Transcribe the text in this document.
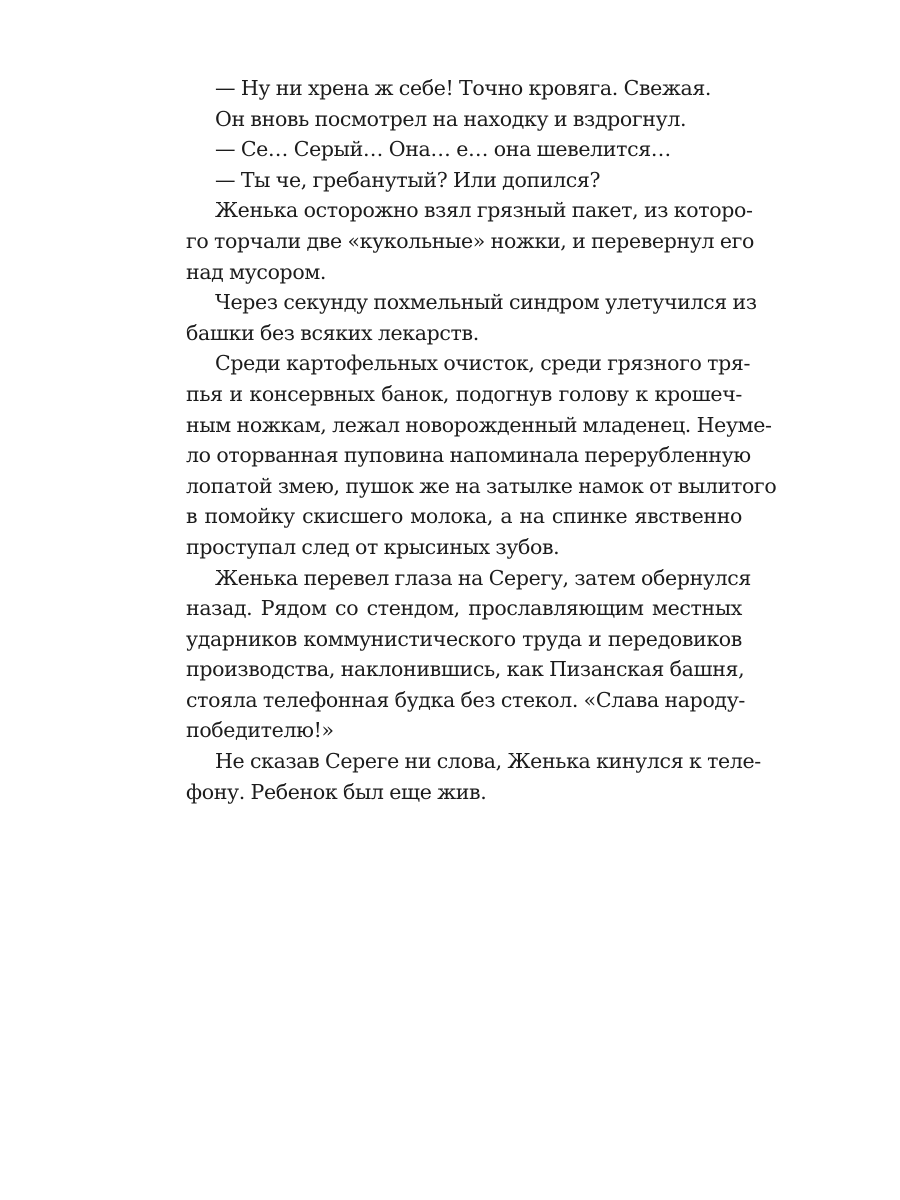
— Ну ни хрена ж себе! Точно кровяга. Свежая.
Он вновь посмотрел на находку и вздрогнул.
— Се… Серый… Она… е… она шевелится…
— Ты че, гребанутый? Или допился?
Женька осторожно взял грязный пакет, из которо-
го торчали две «кукольные» ножки, и перевернул его
над мусором.
Через секунду похмельный синдром улетучился из
башки без всяких лекарств.
Среди картофельных очисток, среди грязного тря-
пья и консервных банок, подогнув голову к крошеч-
ным ножкам, лежал новорожденный младенец. Неуме-
ло оторванная пуповина напоминала перерубленную
лопатой змею, пушок же на затылке намок от вылитого
в помойку скисшего молока, а на спинке явственно
проступал след от крысиных зубов.
Женька перевел глаза на Серегу, затем обернулся
назад. Рядом со стендом, прославляющим местных
ударников коммунистического труда и передовиков
производства, наклонившись, как Пизанская башня,
стояла телефонная будка без стекол. «Слава народу-
победителю!»
Не сказав Сереге ни слова, Женька кинулся к теле-
фону. Ребенок был еще жив.
